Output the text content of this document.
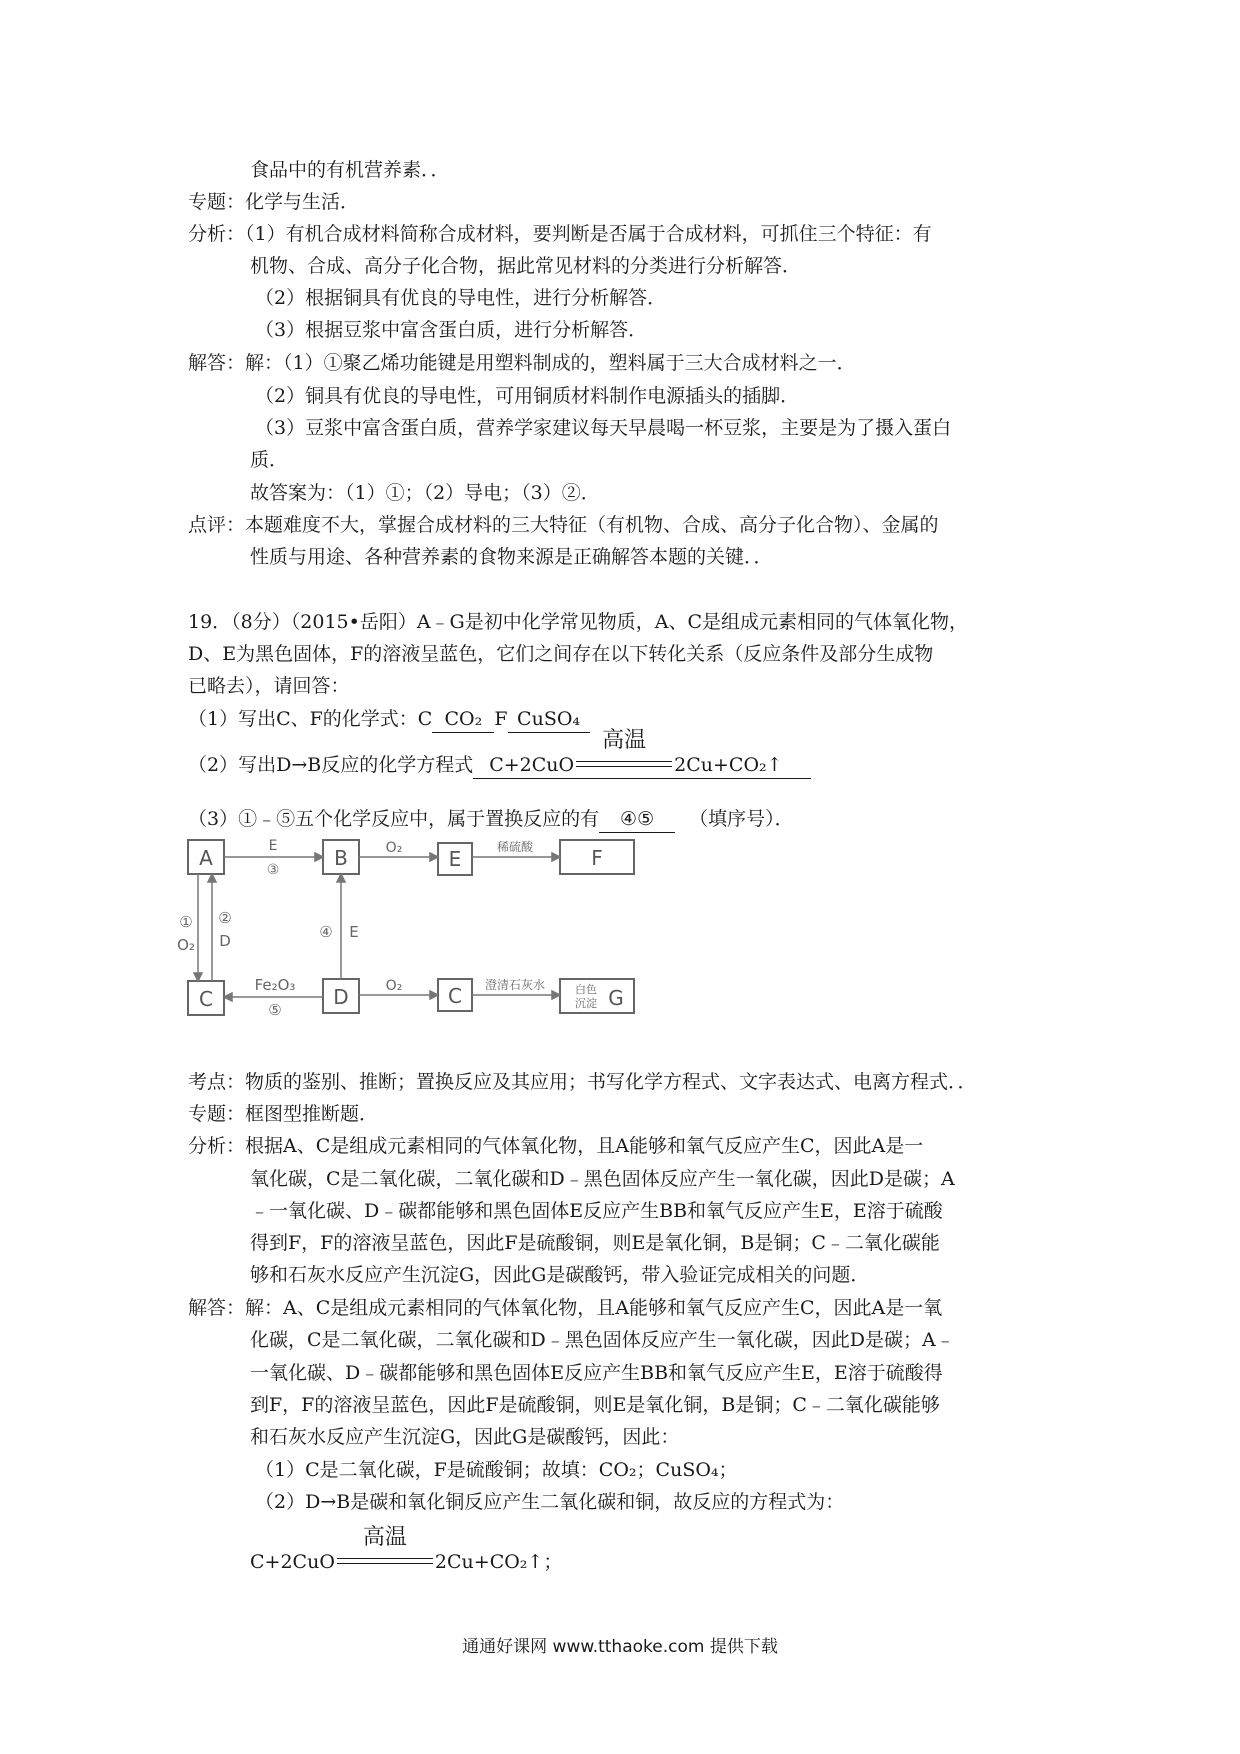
食品中的有机营养素．．
专题：化学与生活．
分析：（1）有机合成材料简称合成材料，要判断是否属于合成材料，可抓住三个特征：有
机物、合成、高分子化合物，据此常见材料的分类进行分析解答．
（2）根据铜具有优良的导电性，进行分析解答．
（3）根据豆浆中富含蛋白质，进行分析解答．
解答：解：（1）①聚乙烯功能键是用塑料制成的，塑料属于三大合成材料之一．
（2）铜具有优良的导电性，可用铜质材料制作电源插头的插脚．
（3）豆浆中富含蛋白质，营养学家建议每天早晨喝一杯豆浆，主要是为了摄入蛋白
质．
故答案为：（1）①；（2）导电；（3）②．
点评：本题难度不大，掌握合成材料的三大特征（有机物、合成、高分子化合物）、金属的
性质与用途、各种营养素的食物来源是正确解答本题的关键．．
19．（8分）（2015•岳阳）A﹣G是初中化学常见物质，A、C是组成元素相同的气体氧化物，
D、E为黑色固体，F的溶液呈蓝色，它们之间存在以下转化关系（反应条件及部分生成物
已略去），请回答：
（1）写出C、F的化学式：C CO₂ F CuSO₄
（2）写出D→B反应的化学方程式 C+2CuO
高温
2Cu+CO₂↑
（3）①﹣⑤五个化学反应中，属于置换反应的有 ④⑤ （填序号）．
A	B	E	F
C	D	C	G
E
③
O₂	稀硫酸
①
O₂
②
D	④ E
Fe₂O₃
⑤
O₂	澄清石灰水	白色
沉淀
考点：物质的鉴别、推断；置换反应及其应用；书写化学方程式、文字表达式、电离方程式．．
专题：框图型推断题．
分析：根据A、C是组成元素相同的气体氧化物，且A能够和氧气反应产生C，因此A是一
氧化碳，C是二氧化碳，二氧化碳和D﹣黑色固体反应产生一氧化碳，因此D是碳；A
﹣一氧化碳、D﹣碳都能够和黑色固体E反应产生BB和氧气反应产生E，E溶于硫酸
得到F，F的溶液呈蓝色，因此F是硫酸铜，则E是氧化铜，B是铜；C﹣二氧化碳能
够和石灰水反应产生沉淀G，因此G是碳酸钙，带入验证完成相关的问题．
解答：解：A、C是组成元素相同的气体氧化物，且A能够和氧气反应产生C，因此A是一氧
化碳，C是二氧化碳，二氧化碳和D﹣黑色固体反应产生一氧化碳，因此D是碳；A﹣
一氧化碳、D﹣碳都能够和黑色固体E反应产生BB和氧气反应产生E，E溶于硫酸得
到F，F的溶液呈蓝色，因此F是硫酸铜，则E是氧化铜，B是铜；C﹣二氧化碳能够
和石灰水反应产生沉淀G，因此G是碳酸钙，因此：
（1）C是二氧化碳，F是硫酸铜；故填：CO₂；CuSO₄；
（2）D→B是碳和氧化铜反应产生二氧化碳和铜，故反应的方程式为：
C+2CuO
高温
2Cu+CO₂↑；
通通好课网 www.tthaoke.com 提供下载
